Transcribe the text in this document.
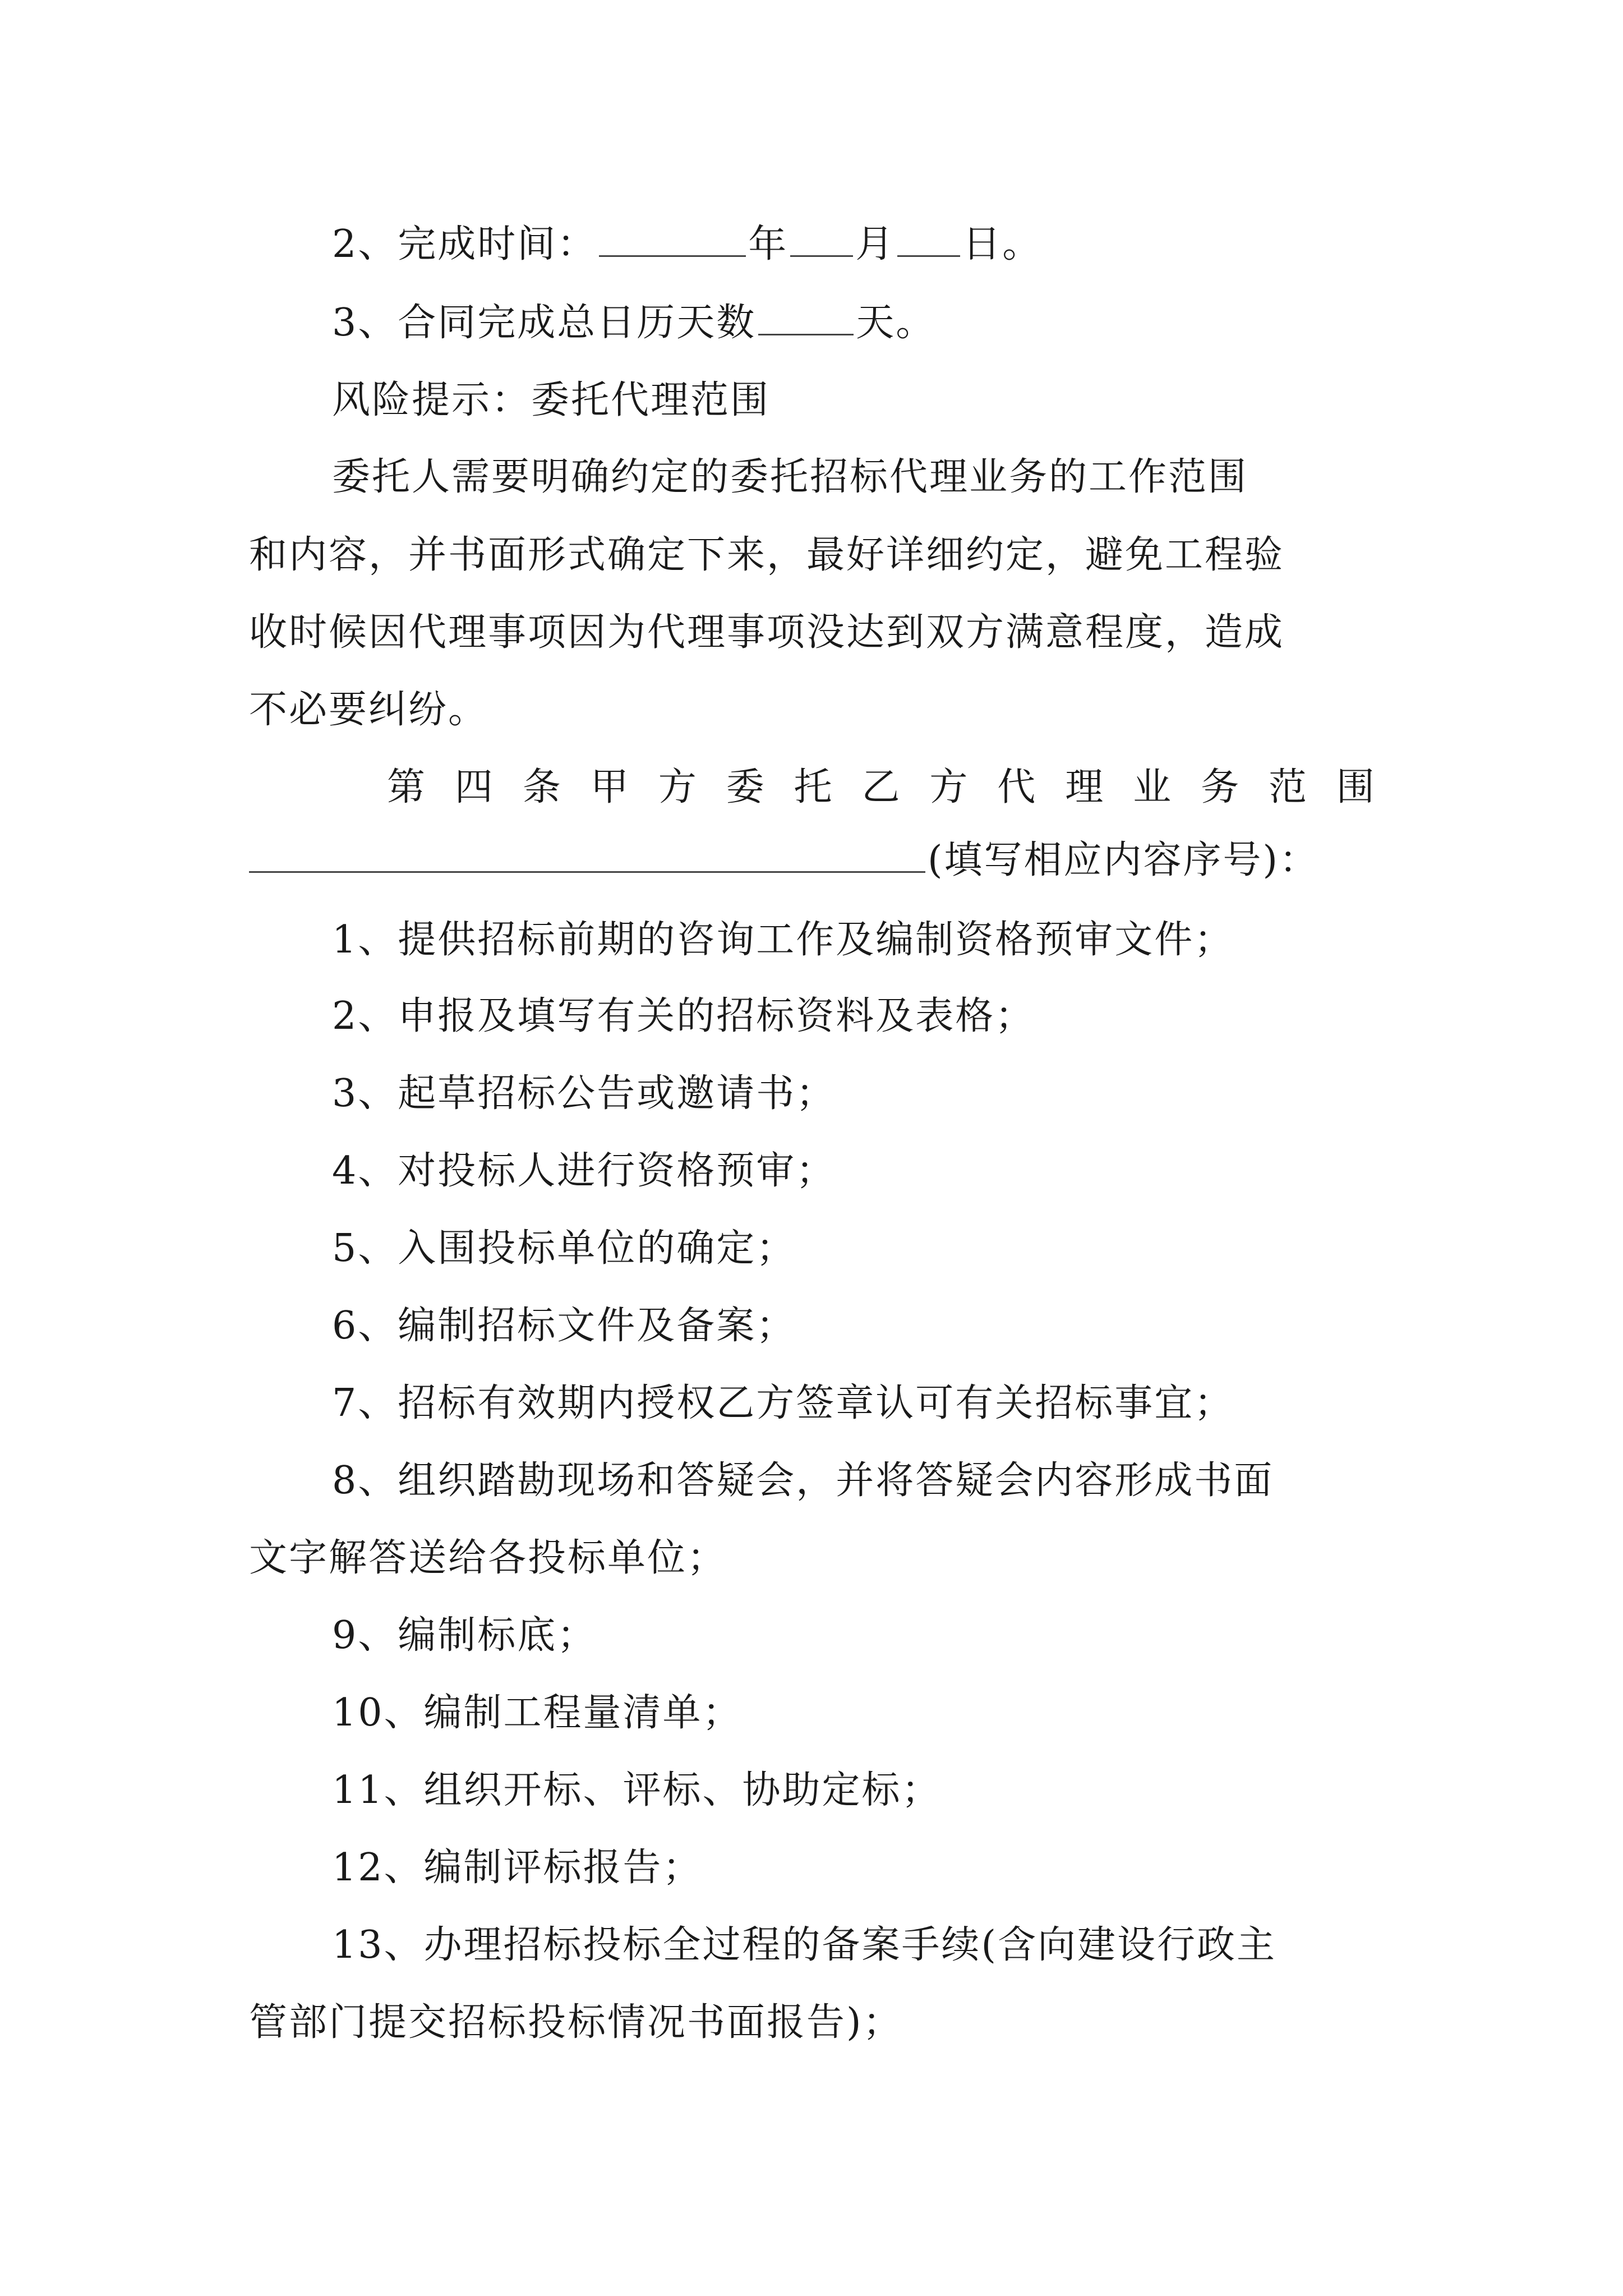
2、完成时间：	年 月 日。
3、合同完成总日历天数	天。
风险提示：委托代理范围
委托人需要明确约定的委托招标代理业务的工作范围
和内容，并书面形式确定下来，最好详细约定，避免工程验
收时候因代理事项因为代理事项没达到双方满意程度，造成
不必要纠纷。
第 四 条 甲 方 委 托 乙 方 代 理 业 务 范 围
(填写相应内容序号)：
1、提供招标前期的咨询工作及编制资格预审文件；
2、申报及填写有关的招标资料及表格；
3、起草招标公告或邀请书；
4、对投标人进行资格预审；
5、入围投标单位的确定；
6、编制招标文件及备案；
7、招标有效期内授权乙方签章认可有关招标事宜；
8、组织踏勘现场和答疑会，并将答疑会内容形成书面
文字解答送给各投标单位；
9、编制标底；
10、编制工程量清单；
11、组织开标、评标、协助定标；
12、编制评标报告；
13、办理招标投标全过程的备案手续(含向建设行政主
管部门提交招标投标情况书面报告)；
